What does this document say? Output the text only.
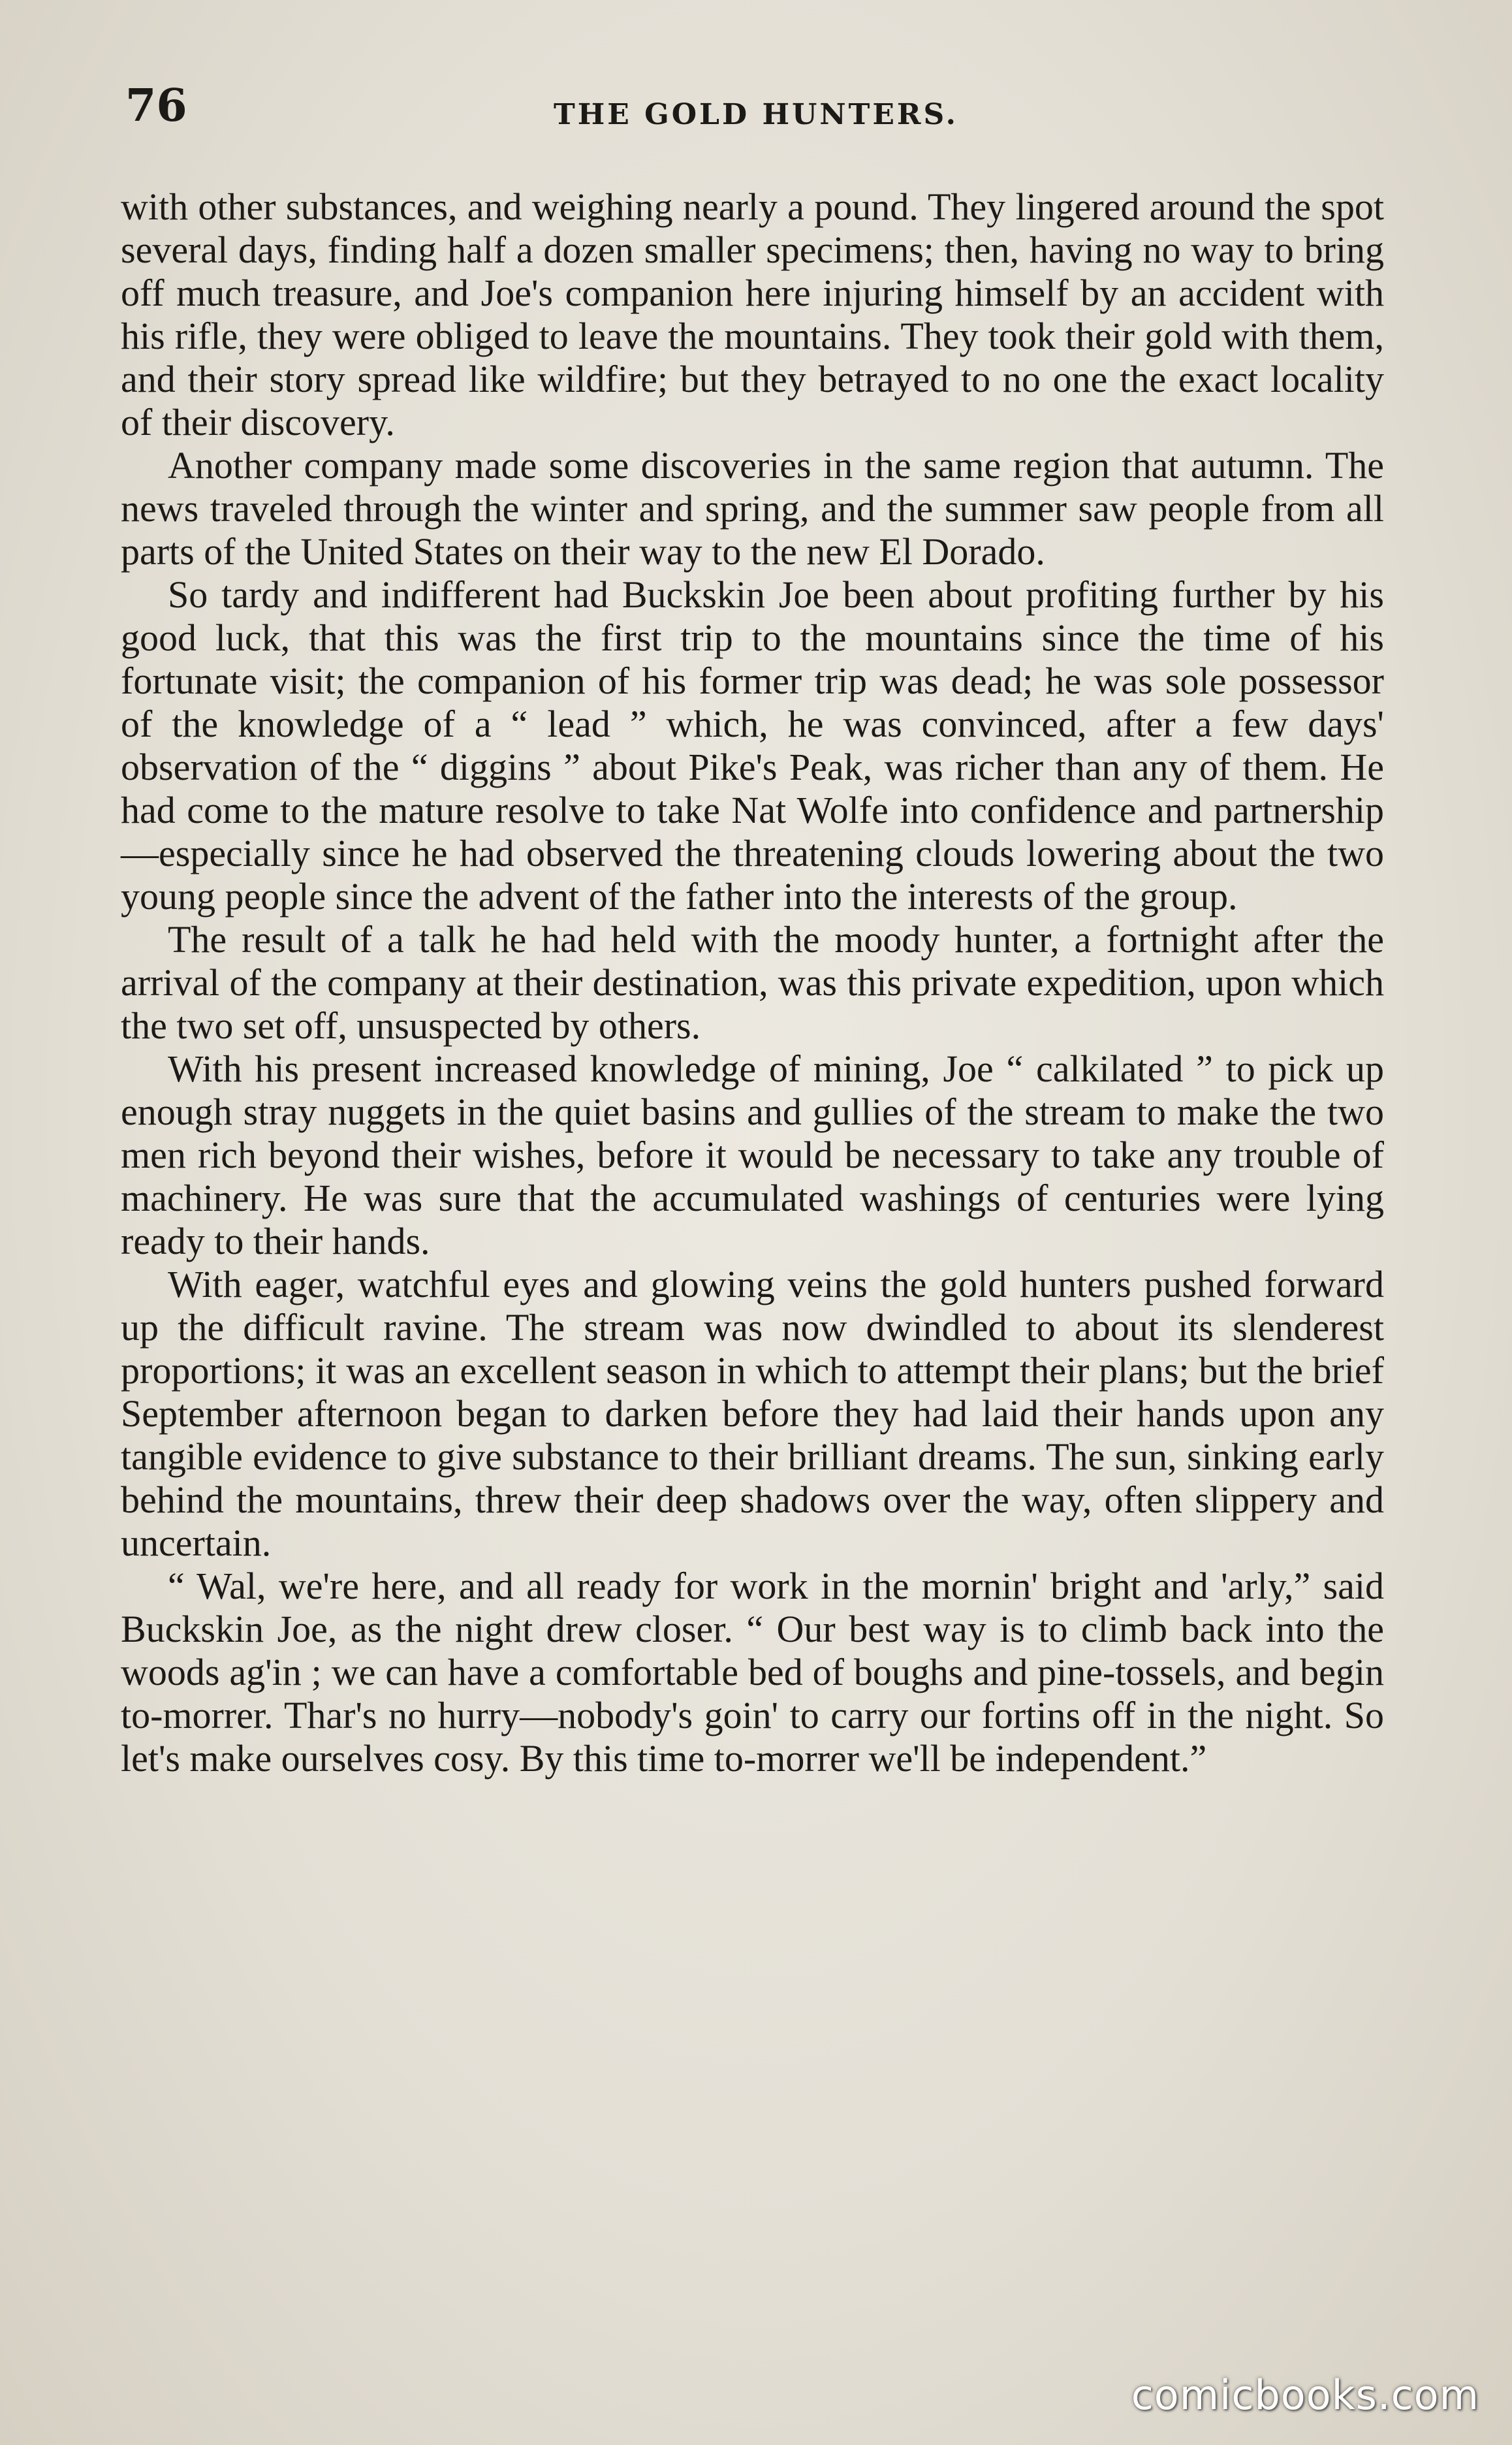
76	THE GOLD HUNTERS.

with other substances, and weighing nearly a pound. They lingered around the spot several days, finding half a dozen smaller specimens; then, having no way to bring off much treasure, and Joe's companion here injuring himself by an accident with his rifle, they were obliged to leave the mountains. They took their gold with them, and their story spread like wildfire; but they betrayed to no one the exact locality of their discovery.

Another company made some discoveries in the same region that autumn. The news traveled through the winter and spring, and the summer saw people from all parts of the United States on their way to the new El Dorado.

So tardy and indifferent had Buckskin Joe been about profiting further by his good luck, that this was the first trip to the mountains since the time of his fortunate visit; the companion of his former trip was dead; he was sole possessor of the knowledge of a “ lead ” which, he was convinced, after a few days' observation of the “ diggins ” about Pike's Peak, was richer than any of them. He had come to the mature resolve to take Nat Wolfe into confidence and partnership—especially since he had observed the threatening clouds lowering about the two young people since the advent of the father into the interests of the group.

The result of a talk he had held with the moody hunter, a fortnight after the arrival of the company at their destination, was this private expedition, upon which the two set off, unsuspected by others.

With his present increased knowledge of mining, Joe “ calkilated ” to pick up enough stray nuggets in the quiet basins and gullies of the stream to make the two men rich beyond their wishes, before it would be necessary to take any trouble of machinery. He was sure that the accumulated washings of centuries were lying ready to their hands.

With eager, watchful eyes and glowing veins the gold hunters pushed forward up the difficult ravine. The stream was now dwindled to about its slenderest proportions; it was an excellent season in which to attempt their plans; but the brief September afternoon began to darken before they had laid their hands upon any tangible evidence to give substance to their brilliant dreams. The sun, sinking early behind the mountains, threw their deep shadows over the way, often slippery and uncertain.

“ Wal, we're here, and all ready for work in the mornin' bright and 'arly,” said Buckskin Joe, as the night drew closer. “ Our best way is to climb back into the woods ag'in ; we can have a comfortable bed of boughs and pine-tossels, and begin to-morrer. Thar's no hurry—nobody's goin' to carry our fortins off in the night. So let's make ourselves cosy. By this time to-morrer we'll be independent.”

comicbooks.com
